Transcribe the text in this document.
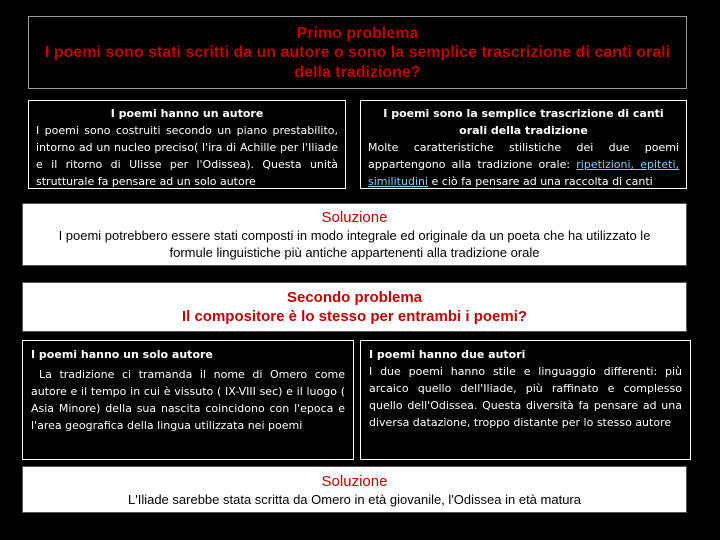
Primo problema
I poemi sono stati scritti da un autore o sono la semplice trascrizione di canti orali della tradizione?
I poemi hanno un autore

I poemi sono costruiti secondo un piano prestabilito, intorno ad un nucleo preciso( l'ira di Achille per l'Iliade e il ritorno di Ulisse per l'Odissea). Questa unità strutturale fa pensare ad un solo autore

I poemi sono la semplice trascrizione di canti orali della tradizione

Molte caratteristiche stilistiche dei due poemi appartengono alla tradizione orale: ripetizioni, epiteti, similitudini e ciò fa pensare ad una raccolta di canti

Soluzione
I poemi potrebbero essere stati composti in modo integrale ed originale da un poeta che ha utilizzato le formule linguistiche più antiche appartenenti alla tradizione orale
Secondo problema
Il compositore è lo stesso per entrambi i poemi?
I poemi hanno un solo autore

La tradizione ci tramanda il nome di Omero come autore e il tempo in cui è vissuto ( IX-VIII sec) e il luogo ( Asia Minore) della sua nascita coincidono con l'epoca e l'area geografica della lingua utilizzata nei poemi

I poemi hanno due autori

I due poemi hanno stile e linguaggio differenti: più arcaico quello dell'Iliade, più raffinato e complesso quello dell'Odissea. Questa diversità fa pensare ad una diversa datazione, troppo distante per lo stesso autore

Soluzione
L'Iliade sarebbe stata scritta da Omero in età giovanile, l'Odissea in età matura
